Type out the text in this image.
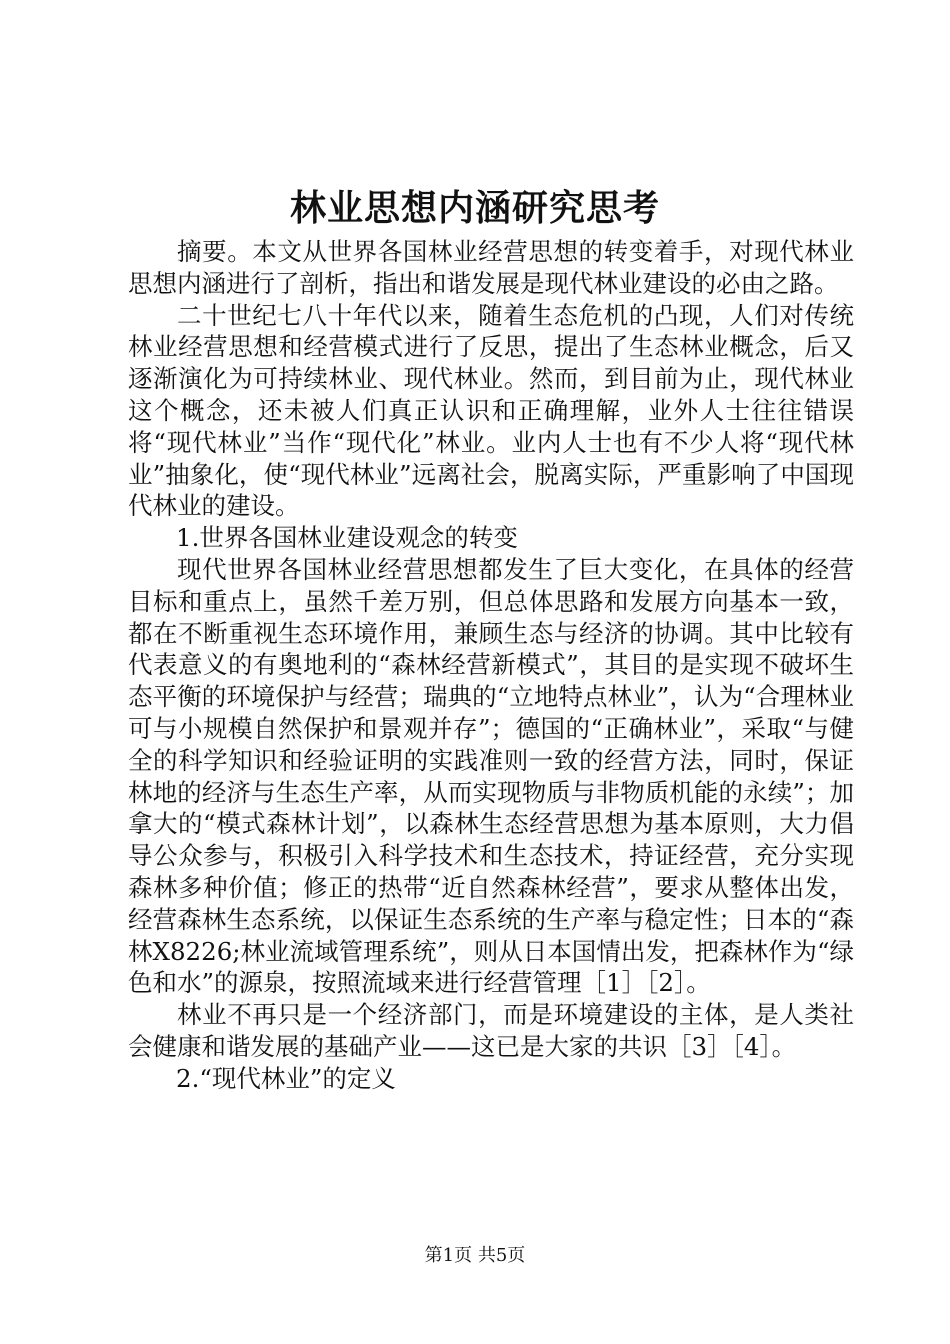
林业思想内涵研究思考

摘要。本文从世界各国林业经营思想的转变着手，对现代林业思想内涵进行了剖析，指出和谐发展是现代林业建设的必由之路。

二十世纪七八十年代以来，随着生态危机的凸现，人们对传统林业经营思想和经营模式进行了反思，提出了生态林业概念，后又逐渐演化为可持续林业、现代林业。然而，到目前为止，现代林业这个概念，还未被人们真正认识和正确理解，业外人士往往错误将“现代林业”当作“现代化”林业。业内人士也有不少人将“现代林业”抽象化，使“现代林业”远离社会，脱离实际，严重影响了中国现代林业的建设。

1.世界各国林业建设观念的转变

现代世界各国林业经营思想都发生了巨大变化，在具体的经营目标和重点上，虽然千差万别，但总体思路和发展方向基本一致，都在不断重视生态环境作用，兼顾生态与经济的协调。其中比较有代表意义的有奥地利的“森林经营新模式”，其目的是实现不破坏生态平衡的环境保护与经营；瑞典的“立地特点林业”，认为“合理林业可与小规模自然保护和景观并存”；德国的“正确林业”，采取“与健全的科学知识和经验证明的实践准则一致的经营方法，同时，保证林地的经济与生态生产率，从而实现物质与非物质机能的永续”；加拿大的“模式森林计划”，以森林生态经营思想为基本原则，大力倡导公众参与，积极引入科学技术和生态技术，持证经营，充分实现森林多种价值；修正的热带“近自然森林经营”，要求从整体出发，经营森林生态系统，以保证生态系统的生产率与稳定性；日本的“森林X8226;林业流域管理系统”，则从日本国情出发，把森林作为“绿色和水”的源泉，按照流域来进行经营管理［1］［2］。

林业不再只是一个经济部门，而是环境建设的主体，是人类社会健康和谐发展的基础产业——这已是大家的共识［3］［4］。

2.“现代林业”的定义

第1页 共5页
